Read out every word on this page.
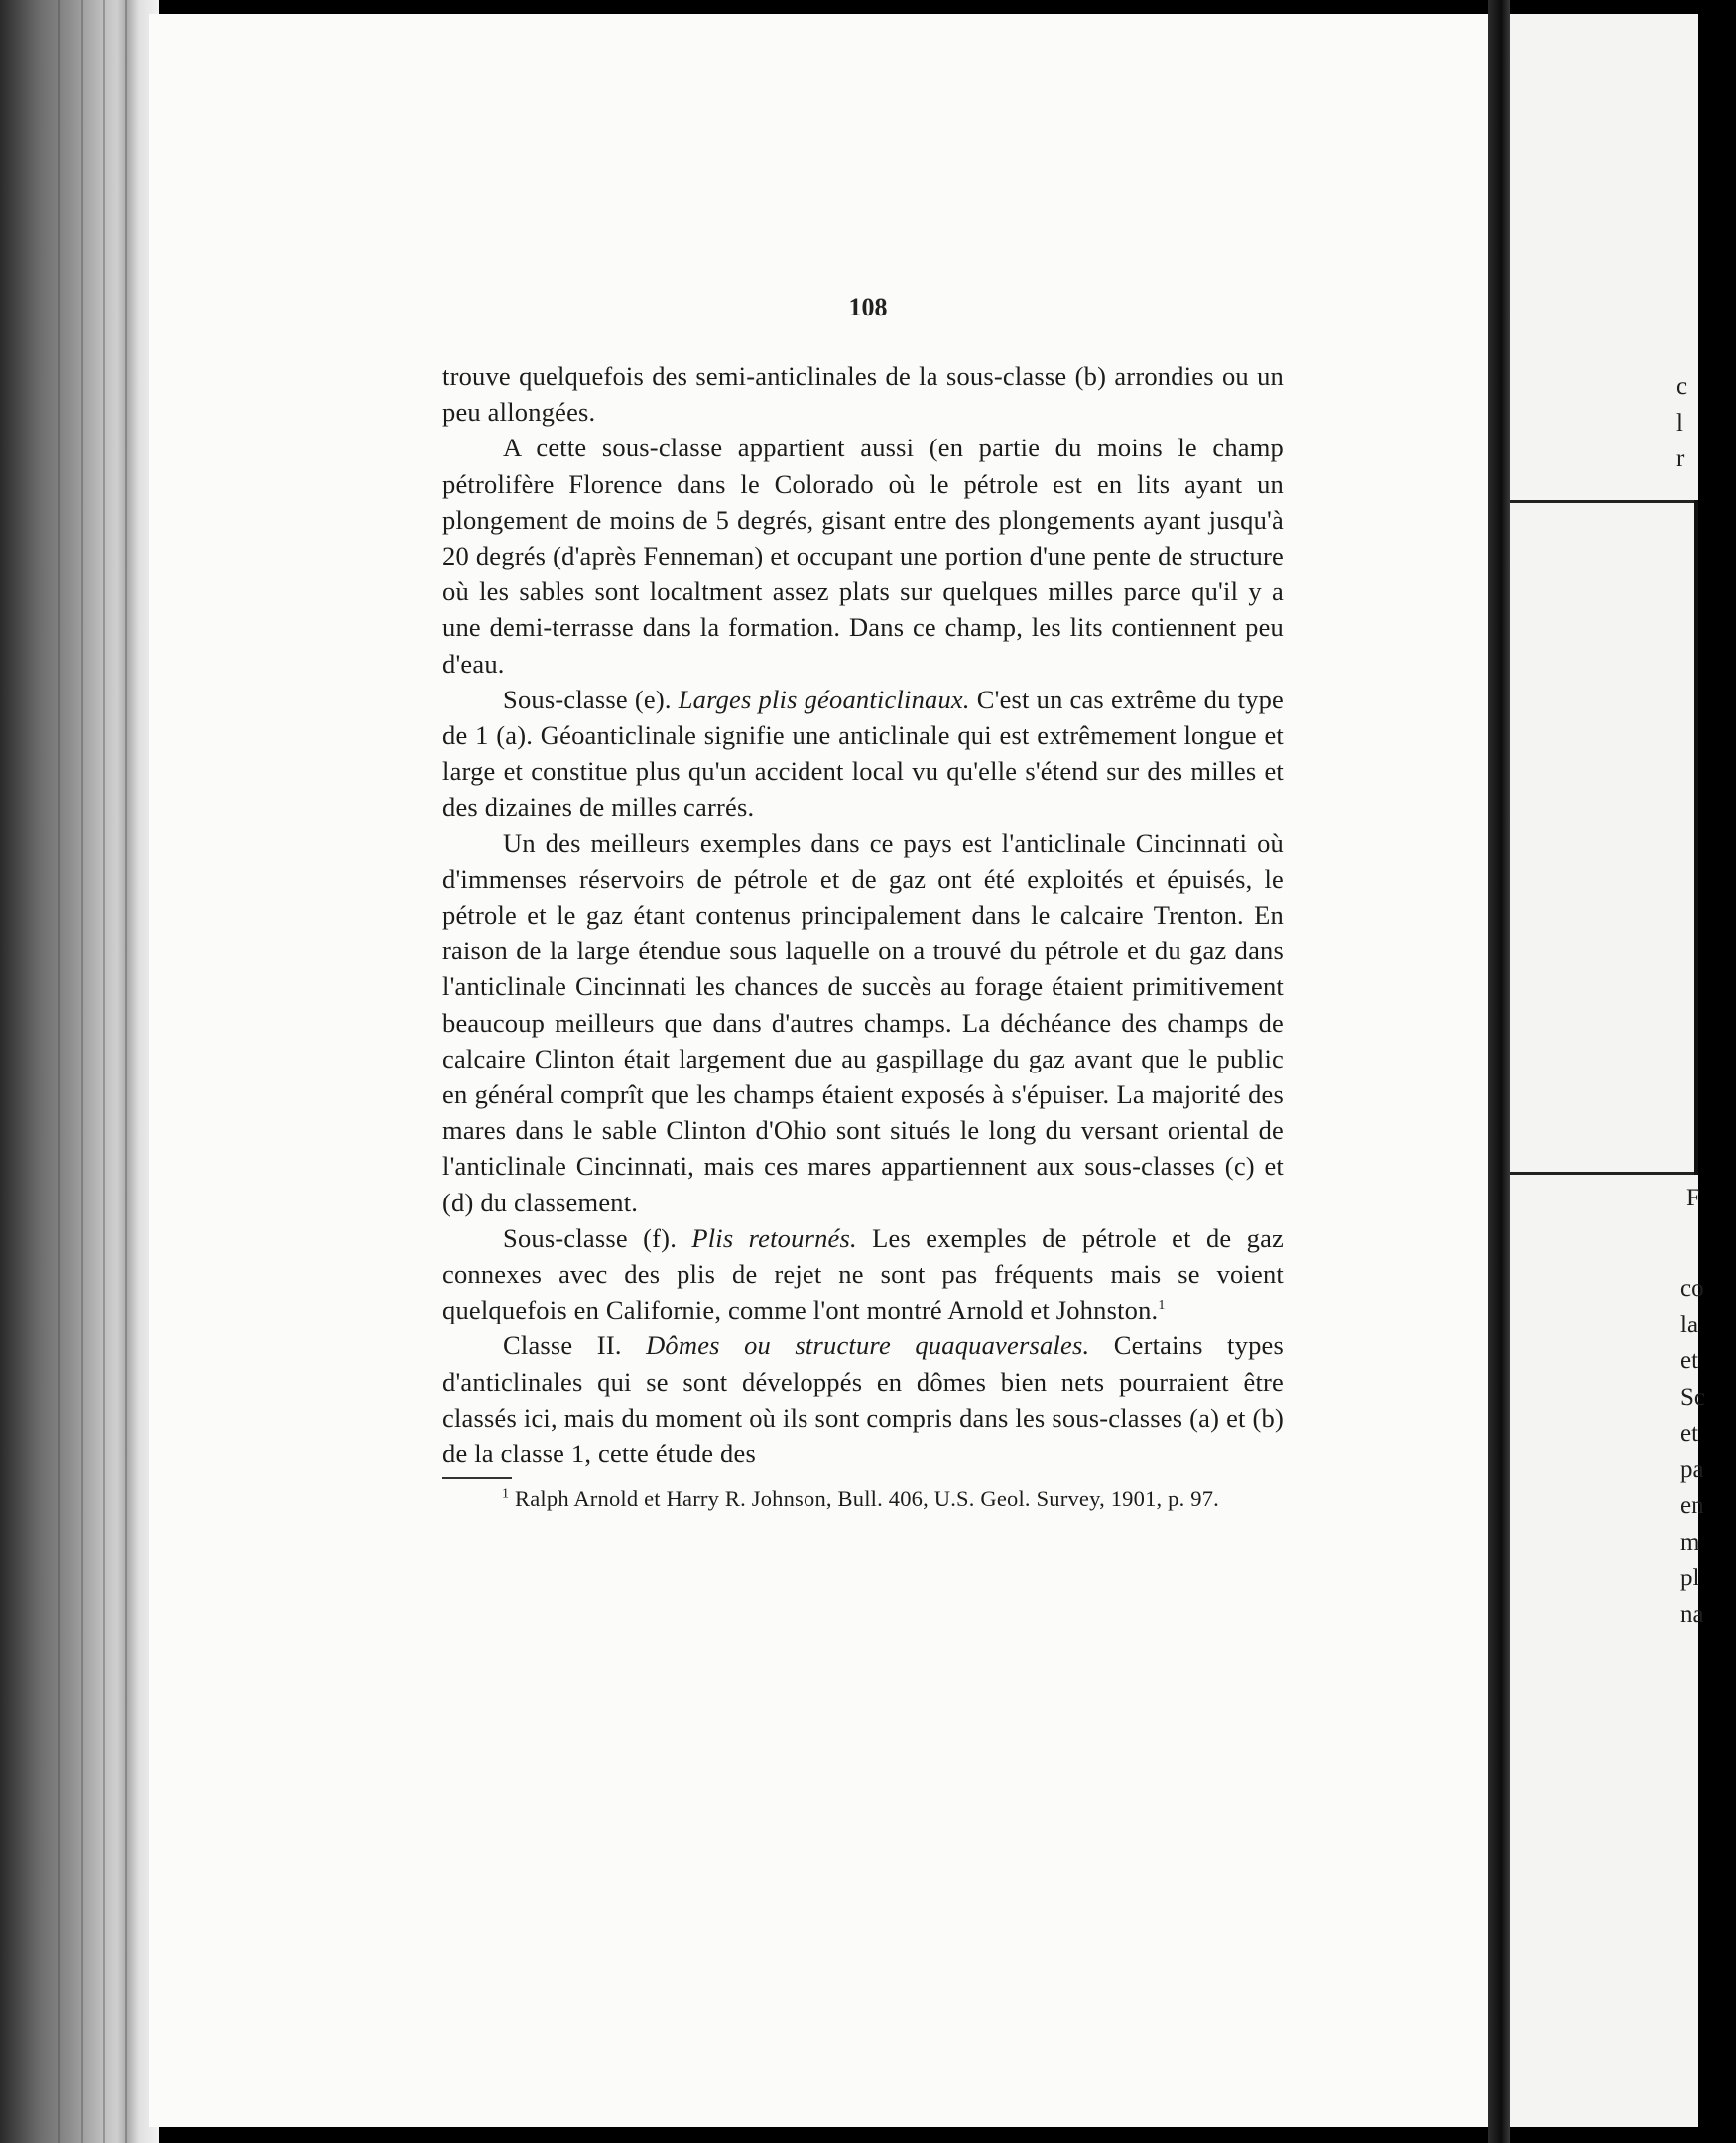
c
l
r
F
co
la
et
Sc
et
pa
en
m
pl
na
108

trouve quelquefois des semi-anticlinales de la sous-classe (b) arrondies ou un peu allongées.

A cette sous-classe appartient aussi (en partie du moins le champ pétrolifère Florence dans le Colorado où le pétrole est en lits ayant un plongement de moins de 5 degrés, gisant entre des plongements ayant jusqu'à 20 degrés (d'après Fenneman) et occupant une portion d'une pente de structure où les sables sont localtment assez plats sur quelques milles parce qu'il y a une demi-terrasse dans la formation. Dans ce champ, les lits contiennent peu d'eau.

Sous-classe (e). Larges plis géoanticlinaux. C'est un cas extrême du type de 1 (a). Géoanticlinale signifie une anticlinale qui est extrêmement longue et large et constitue plus qu'un accident local vu qu'elle s'étend sur des milles et des dizaines de milles carrés.

Un des meilleurs exemples dans ce pays est l'anticlinale Cincinnati où d'immenses réservoirs de pétrole et de gaz ont été exploités et épuisés, le pétrole et le gaz étant contenus principalement dans le calcaire Trenton. En raison de la large étendue sous laquelle on a trouvé du pétrole et du gaz dans l'anticlinale Cincinnati les chances de succès au forage étaient primitivement beaucoup meilleurs que dans d'autres champs. La déchéance des champs de calcaire Clinton était largement due au gaspillage du gaz avant que le public en général comprît que les champs étaient exposés à s'épuiser. La majorité des mares dans le sable Clinton d'Ohio sont situés le long du versant oriental de l'anticlinale Cincinnati, mais ces mares appartiennent aux sous-classes (c) et (d) du classement.

Sous-classe (f). Plis retournés. Les exemples de pétrole et de gaz connexes avec des plis de rejet ne sont pas fréquents mais se voient quelquefois en Californie, comme l'ont montré Arnold et Johnston.$^1$

Classe II. Dômes ou structure quaquaversales. Certains types d'anticlinales qui se sont développés en dômes bien nets pourraient être classés ici, mais du moment où ils sont compris dans les sous-classes (a) et (b) de la classe 1, cette étude des

$^1$ Ralph Arnold et Harry R. Johnson, Bull. 406, U.S. Geol. Survey, 1901, p. 97.
